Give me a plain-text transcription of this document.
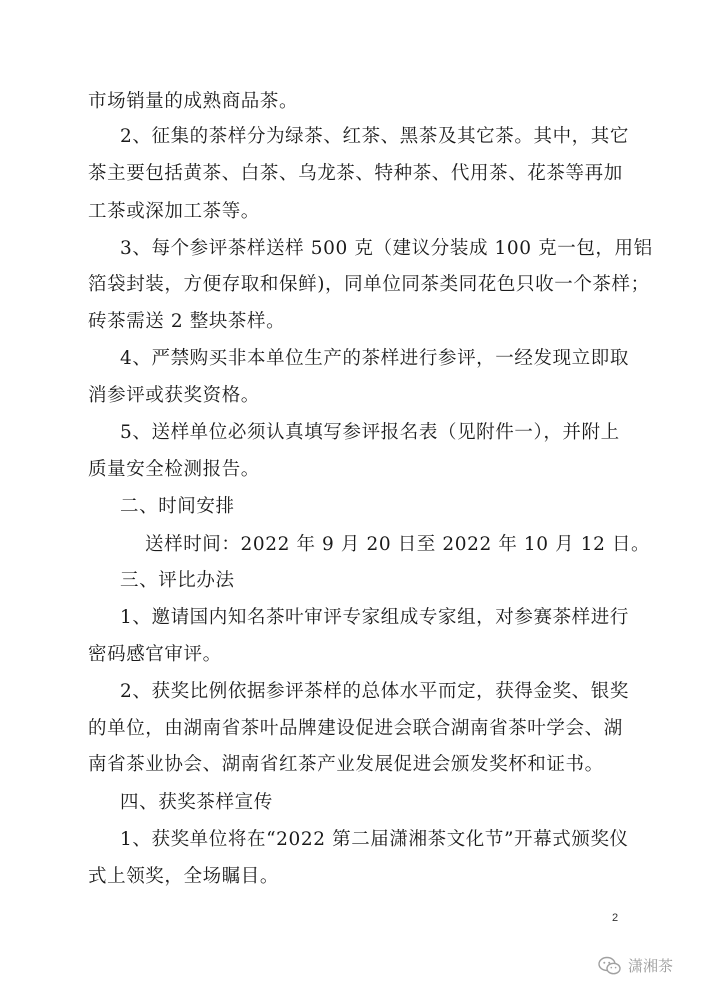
市场销量的成熟商品茶。
2、征集的茶样分为绿茶、红茶、黑茶及其它茶。其中，其它
茶主要包括黄茶、白茶、乌龙茶、特种茶、代用茶、花茶等再加
工茶或深加工茶等。
3、每个参评茶样送样 500 克（建议分装成 100 克一包，用铝
箔袋封装，方便存取和保鲜)，同单位同茶类同花色只收一个茶样；
砖茶需送 2 整块茶样。
4、严禁购买非本单位生产的茶样进行参评，一经发现立即取
消参评或获奖资格。
5、送样单位必须认真填写参评报名表（见附件一），并附上
质量安全检测报告。
二、时间安排
送样时间：2022 年 9 月 20 日至 2022 年 10 月 12 日。
三、评比办法
1、邀请国内知名茶叶审评专家组成专家组，对参赛茶样进行
密码感官审评。
2、获奖比例依据参评茶样的总体水平而定，获得金奖、银奖
的单位，由湖南省茶叶品牌建设促进会联合湖南省茶叶学会、湖
南省茶业协会、湖南省红茶产业发展促进会颁发奖杯和证书。
四、获奖茶样宣传
1、获奖单位将在“2022 第二届潇湘茶文化节”开幕式颁奖仪
式上领奖，全场瞩目。
2
潇湘茶
